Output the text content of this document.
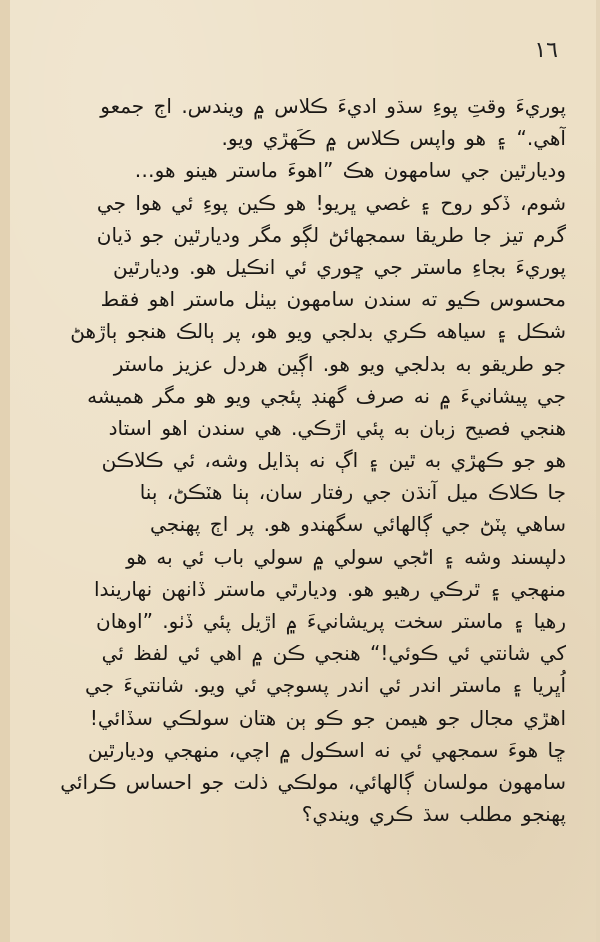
١٦
پوريءَ وقتِ پوءِ سڌو اديءَ ڪلاس ۾ ويندس. اڄ جمعو
آهي.“ ۽ هو واپس ڪلاس ۾ ڪَهڙي ويو.
وديارٿين جي سامهون هڪ ”اهوءَ ماستر هينو هو…
شوم، ڏکو روح ۽ غصي ڀريو! هو ڪين پوءِ ئي هوا جي
گرم تيز جا طريقا سمجهائڻ لڳو مگر وديارٿين جو ڌيان
پوريءَ بجاءِ ماستر جي ڇوري ئي انڪيل هو. وديارٿين
محسوس ڪيو ته سندن سامهون بيٺل ماستر اهو فقط
شڪل ۽ سياهه ڪري بدلجي ويو هو، پر ٻالڪ هنجو ٻاڙهڻ
جو طريقو به بدلجي ويو هو. اڳين هردل عزيز ماستر
جي پيشانيءَ ۾ نه صرف گهنڊ پئجي ويو هو مگر هميشه
هنجي فصيح زبان به پئي اڙڪي. هي سندن اهو استاد
هو جو ڪهڙي به ٿين ۽ اڳ نه ٻڌايل وشه، ئي ڪلاڪن
جا ڪلاڪ ميل آنڌن جي رفتار سان، ٻنا هٽڪڻ، ٻنا
ساهي پٽڻ جي ڳالهائي سگهندو هو. پر اڄ پهنجي
دلپسند وشه ۽ اڻجي سولي ۾ سولي باب ئي به هو
منهجي ۽ ٿرڪي رهيو هو. وديارٿي ماستر ڏانهن نهاريندا
رهيا ۽ ماستر سخت پريشانيءَ ۾ اڙيل پئي ڏٺو. ”اوهان
کي شانتي ئي ڪوئي!“ هنجي ڪن ۾ اهي ئي لفظ ئي
اُڀريا ۽ ماستر اندر ئي اندر پسوڄي ئي ويو. شانتيءَ جي
اهڙي مجال جو هيمن جو ڪو ٻن هتان سولڪي سڏائي!
ڇا هوءَ سمجهي ئي نه اسڪول ۾ اچي، منهجي وديارٿين
سامهون مولسان ڳالهائي، مولڪي ذلت جو احساس ڪرائي
پهنجو مطلب سڌ ڪري ويندي؟
